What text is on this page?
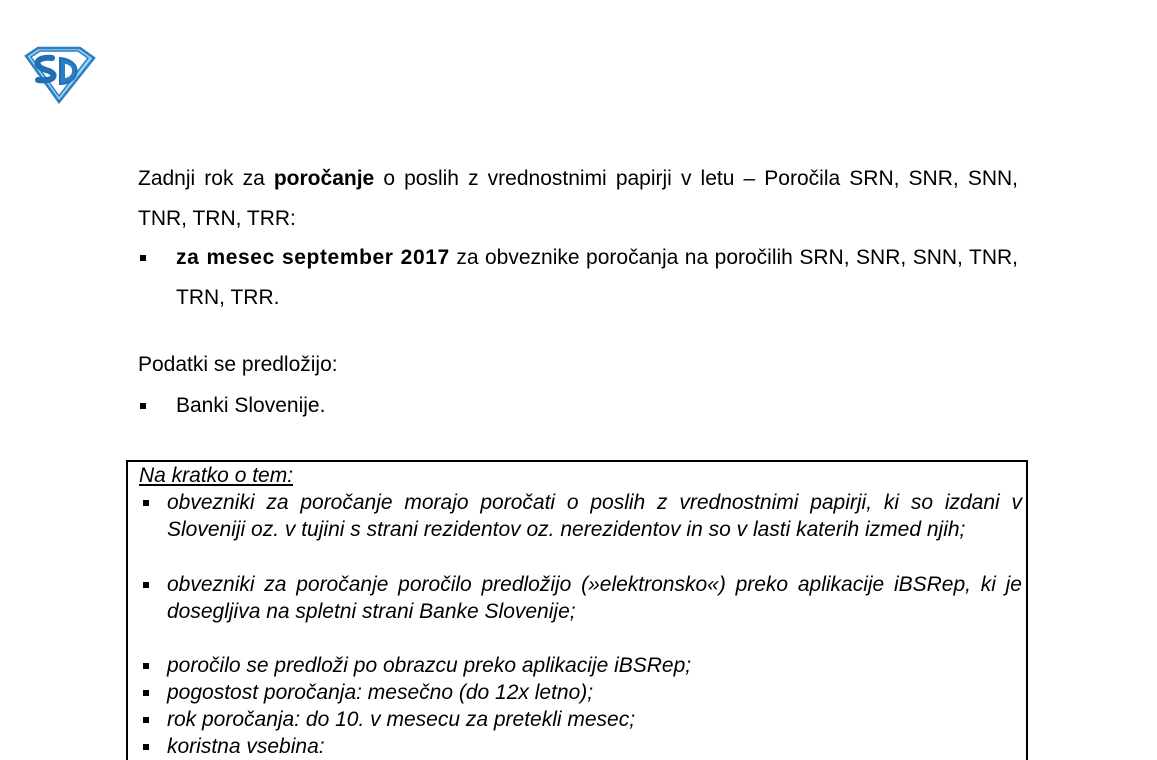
Zadnji rok za poročanje o poslih z vrednostnimi papirji v letu – Poročila SRN, SNR, SNN, TNR, TRN, TRR:
za mesec september 2017 za obveznike poročanja na poročilih SRN, SNR, SNN, TNR, TRN, TRR.
Podatki se predložijo:
Banki Slovenije.
Na kratko o tem:
obvezniki za poročanje morajo poročati o poslih z vrednostnimi papirji, ki so izdani v Sloveniji oz. v tujini s strani rezidentov oz. nerezidentov in so v lasti katerih izmed njih;
obvezniki za poročanje poročilo predložijo (»elektronsko«) preko aplikacije iBSRep, ki je dosegljiva na spletni strani Banke Slovenije;
poročilo se predloži po obrazcu preko aplikacije iBSRep;
pogostost poročanja: mesečno (do 12x letno);
rok poročanja: do 10. v mesecu za pretekli mesec;
koristna vsebina:
